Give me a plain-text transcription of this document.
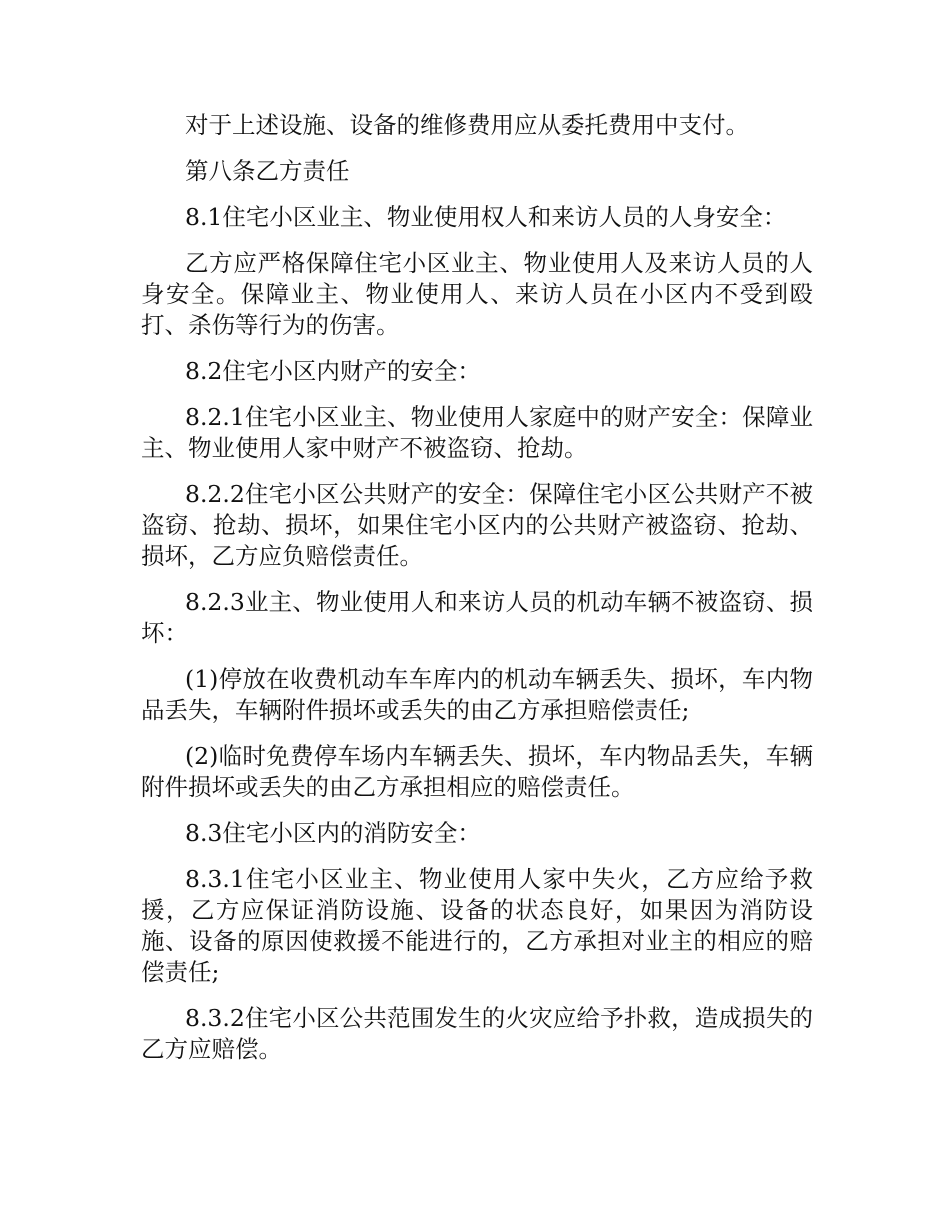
对于上述设施、设备的维修费用应从委托费用中支付。

第八条乙方责任

8.1住宅小区业主、物业使用权人和来访人员的人身安全：

乙方应严格保障住宅小区业主、物业使用人及来访人员的人身安全。保障业主、物业使用人、来访人员在小区内不受到殴打、杀伤等行为的伤害。

8.2住宅小区内财产的安全：

8.2.1住宅小区业主、物业使用人家庭中的财产安全：保障业主、物业使用人家中财产不被盗窃、抢劫。

8.2.2住宅小区公共财产的安全：保障住宅小区公共财产不被盗窃、抢劫、损坏，如果住宅小区内的公共财产被盗窃、抢劫、损坏，乙方应负赔偿责任。

8.2.3业主、物业使用人和来访人员的机动车辆不被盗窃、损坏：

(1)停放在收费机动车车库内的机动车辆丢失、损坏，车内物品丢失，车辆附件损坏或丢失的由乙方承担赔偿责任;

(2)临时免费停车场内车辆丢失、损坏，车内物品丢失，车辆附件损坏或丢失的由乙方承担相应的赔偿责任。

8.3住宅小区内的消防安全：

8.3.1住宅小区业主、物业使用人家中失火，乙方应给予救援，乙方应保证消防设施、设备的状态良好，如果因为消防设施、设备的原因使救援不能进行的，乙方承担对业主的相应的赔偿责任;

8.3.2住宅小区公共范围发生的火灾应给予扑救，造成损失的乙方应赔偿。
